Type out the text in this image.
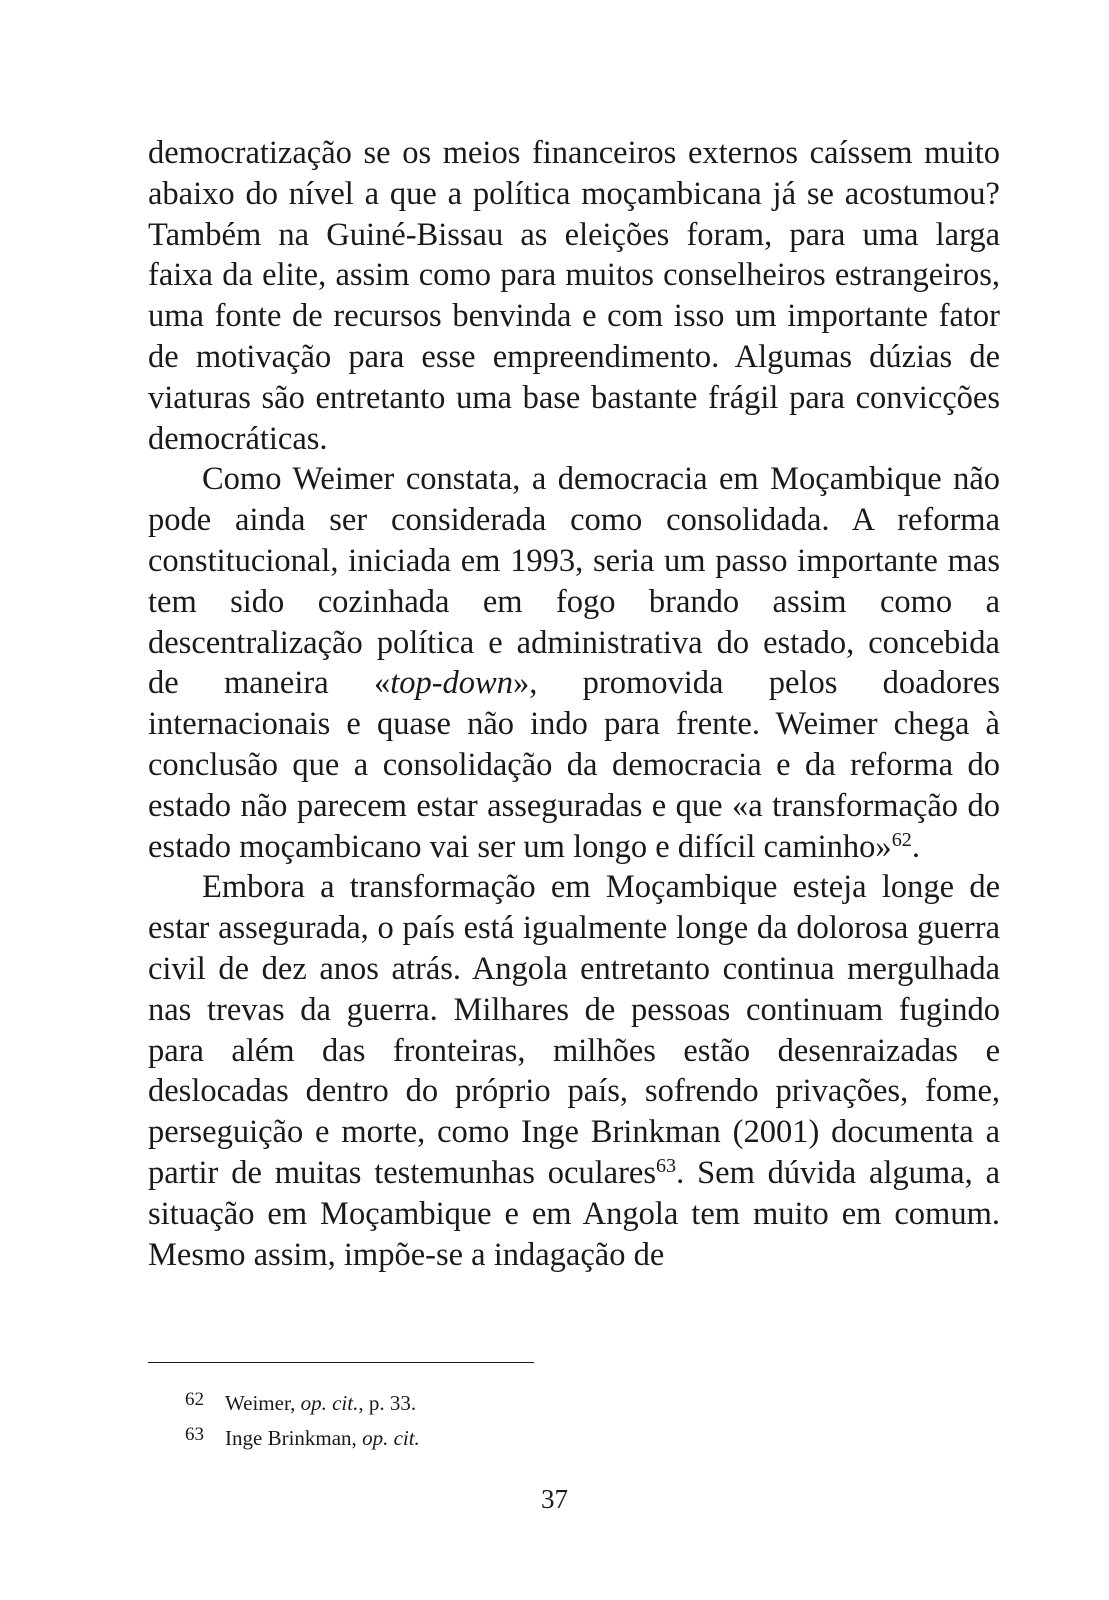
democratização se os meios financeiros externos caíssem muito abaixo do nível a que a política moçambicana já se acostumou? Também na Guiné-Bissau as eleições foram, para uma larga faixa da elite, assim como para muitos conselheiros estrangeiros, uma fonte de recursos benvinda e com isso um importante fator de motivação para esse empreendimento. Algumas dúzias de viaturas são entretanto uma base bastante frágil para convicções democráticas.

Como Weimer constata, a democracia em Moçambique não pode ainda ser considerada como consolidada. A reforma constitucional, iniciada em 1993, seria um passo importante mas tem sido cozinhada em fogo brando assim como a descentralização política e administrativa do estado, concebida de maneira «top-down», promovida pelos doadores internacionais e quase não indo para frente. Weimer chega à conclusão que a consolidação da democracia e da reforma do estado não parecem estar asseguradas e que «a transformação do estado moçambicano vai ser um longo e difícil caminho»$^{62}$.

Embora a transformação em Moçambique esteja longe de estar assegurada, o país está igualmente longe da dolorosa guerra civil de dez anos atrás. Angola entretanto continua mergulhada nas trevas da guerra. Milhares de pessoas continuam fugindo para além das fronteiras, milhões estão desenraizadas e deslocadas dentro do próprio país, sofrendo privações, fome, perseguição e morte, como Inge Brinkman (2001) documenta a partir de muitas testemunhas oculares$^{63}$. Sem dúvida alguma, a situação em Moçambique e em Angola tem muito em comum. Mesmo assim, impõe-se a indagação de

62 Weimer, op. cit., p. 33.
63 Inge Brinkman, op. cit.
37
